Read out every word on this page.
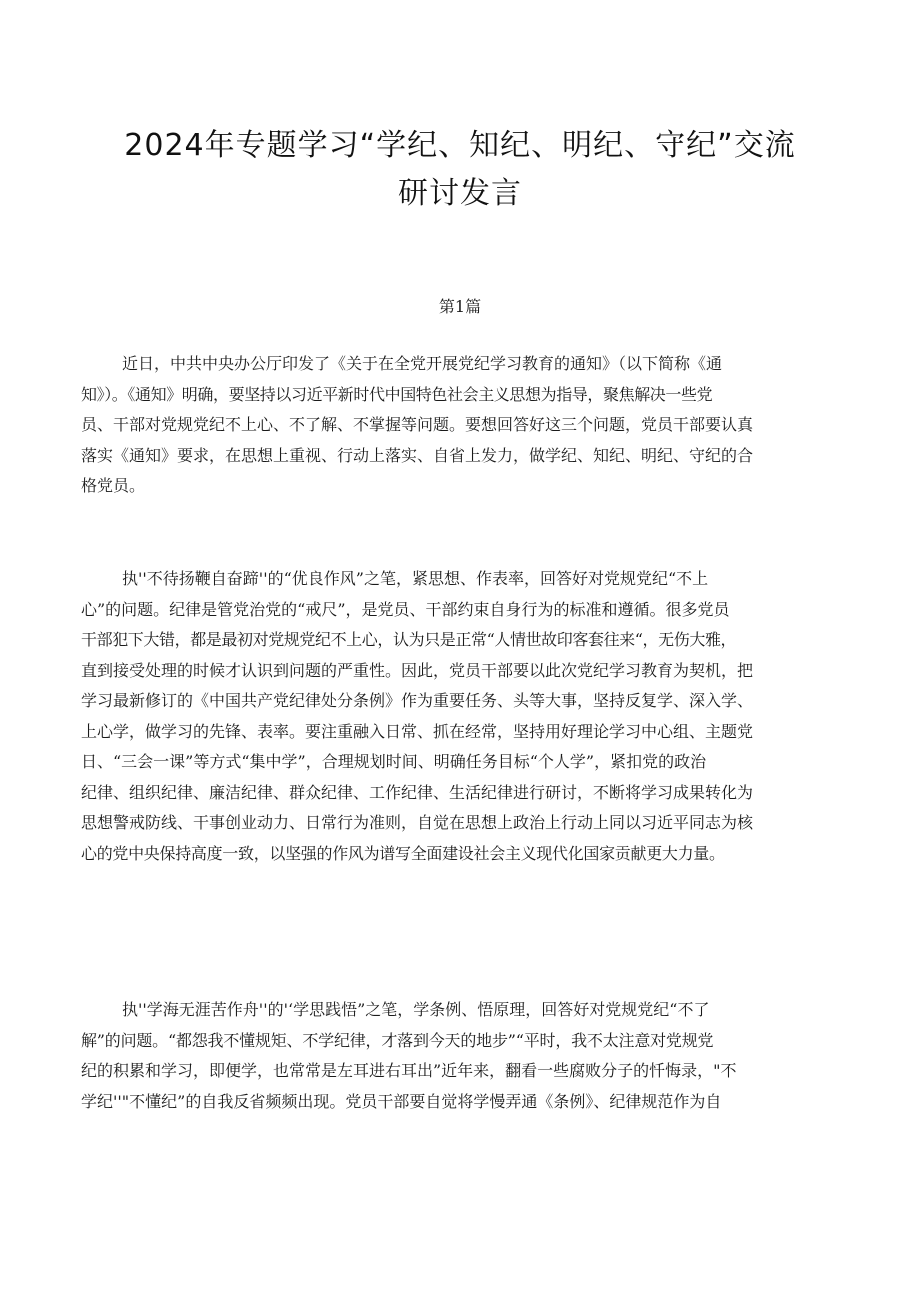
2024年专题学习“学纪、知纪、明纪、守纪”交流
研讨发言
第1篇
近日，中共中央办公厅印发了《关于在全党开展党纪学习教育的通知》（以下简称《通
知》）。《通知》明确，要坚持以习近平新时代中国特色社会主义思想为指导，聚焦解决一些党
员、干部对党规党纪不上心、不了解、不掌握等问题。要想回答好这三个问题，党员干部要认真
落实《通知》要求，在思想上重视、行动上落实、自省上发力，做学纪、知纪、明纪、守纪的合
格党员。
执''不待扬鞭自奋蹄''的“优良作风”之笔，紧思想、作表率，回答好对党规党纪“不上
心”的问题。纪律是管党治党的“戒尺”，是党员、干部约束自身行为的标准和遵循。很多党员
干部犯下大错，都是最初对党规党纪不上心，认为只是正常“人情世故印客套往来“，无伤大雅，
直到接受处理的时候才认识到问题的严重性。因此，党员干部要以此次党纪学习教育为契机，把
学习最新修订的《中国共产党纪律处分条例》作为重要任务、头等大事，坚持反复学、深入学、
上心学，做学习的先锋、表率。要注重融入日常、抓在经常，坚持用好理论学习中心组、主题党
日、“三会一课”等方式“集中学”，合理规划时间、明确任务目标“个人学”，紧扣党的政治
纪律、组织纪律、廉洁纪律、群众纪律、工作纪律、生活纪律进行研讨，不断将学习成果转化为
思想警戒防线、干事创业动力、日常行为准则，自觉在思想上政治上行动上同以习近平同志为核
心的党中央保持高度一致，以坚强的作风为谱写全面建设社会主义现代化国家贡献更大力量。
执''学海无涯苦作舟''的'‘学思践悟”之笔，学条例、悟原理，回答好对党规党纪“不了
解”的问题。“都怨我不懂规矩、不学纪律，才落到今天的地步”“平时，我不太注意对党规党
纪的积累和学习，即便学，也常常是左耳进右耳出”近年来，翻看一些腐败分子的忏悔录，"不
学纪''"不懂纪”的自我反省频频出现。党员干部要自觉将学慢弄通《条例》、纪律规范作为自
